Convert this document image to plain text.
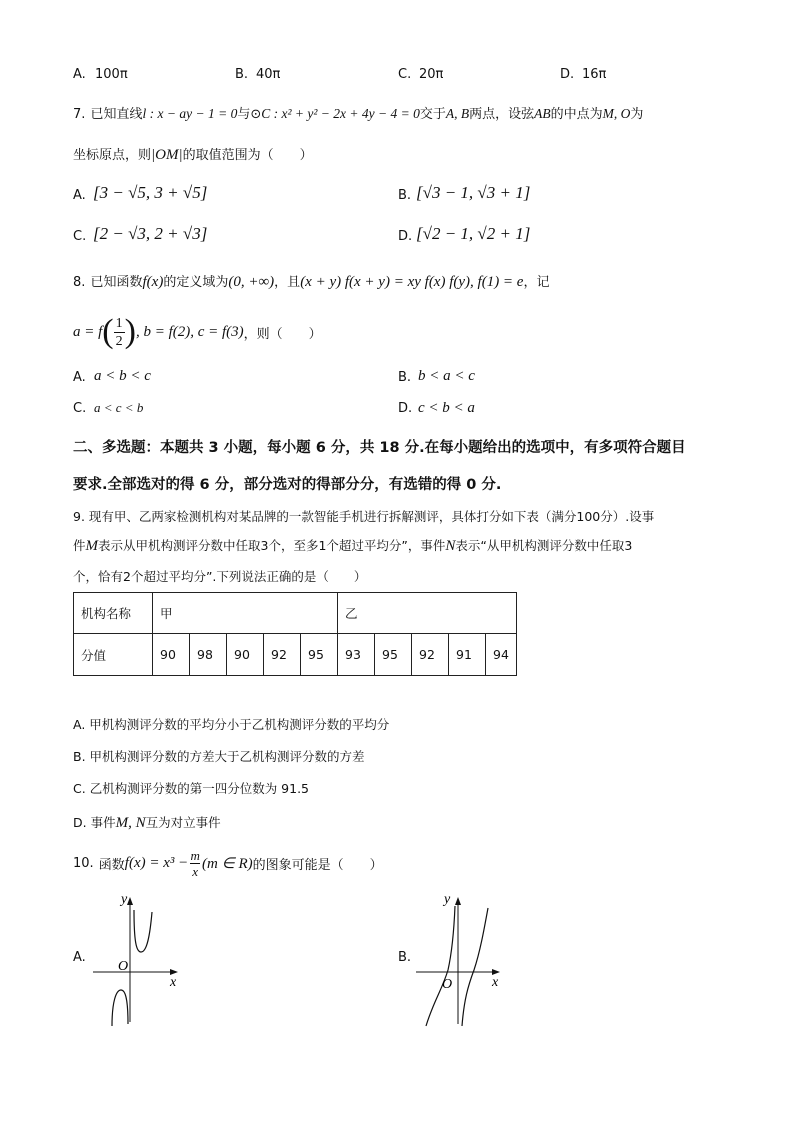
A. 100π	B. 40π	C. 20π	D. 16π
7. 已知直线l : x − ay − 1 = 0与⊙C : x² + y² − 2x + 4y − 4 = 0交于A, B两点，设弦AB的中点为M, O为
坐标原点，则|OM|的取值范围为（　　）
A. [3 − √5, 3 + √5]	B. [√3 − 1, √3 + 1]
C. [2 − √3, 2 + √3]	D. [√2 − 1, √2 + 1]
8. 已知函数f(x)的定义域为(0, +∞)，且(x + y) f(x + y) = xy f(x) f(y), f(1) = e，记
a = f ( $\frac{1}{2}$ ) , b = f(2), c = f(3) ，则（　　）
A. a < b < c	B. b < a < c
C. a < c < b	D. c < b < a
二、多选题：本题共 3 小题，每小题 6 分，共 18 分.在每小题给出的选项中，有多项符合题目
要求.全部选对的得 6 分，部分选对的得部分分，有选错的得 0 分.
9. 现有甲、乙两家检测机构对某品牌的一款智能手机进行拆解测评，具体打分如下表（满分100分）.设事
件M表示从甲机构测评分数中任取3个，至多1个超过平均分”，事件N表示“从甲机构测评分数中任取3
个，恰有2个超过平均分”.下列说法正确的是（　　）
机构名称	甲					乙				
分值	90	98	90	92	95	93	95	92	91	94
A. 甲机构测评分数的平均分小于乙机构测评分数的平均分
B. 甲机构测评分数的方差大于乙机构测评分数的方差
C. 乙机构测评分数的第一四分位数为 91.5
D. 事件M, N互为对立事件
10.
函数 $f(x) = x^3 - \frac{m}{x} (m$ ∈ R) 的图象可能是（　　）
A.
y
x
O
B.
y
x
O
